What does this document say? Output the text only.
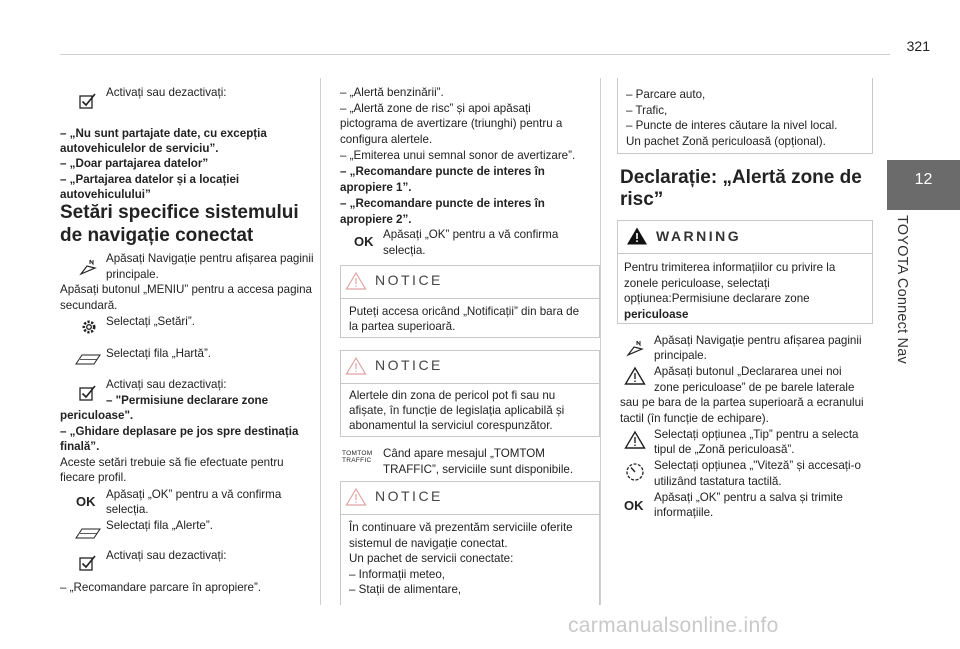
321
12
TOYOTA Connect Nav
Activați sau dezactivați:
– „Nu sunt partajate date, cu excepția
autovehiculelor de serviciu”.
– „Doar partajarea datelor”
– „Partajarea datelor și a locației
autovehiculului”
Setări specifice sistemului
de navigație conectat
Apăsați Navigație pentru afișarea paginii
principale.
Apăsați butonul „MENIU” pentru a accesa pagina
secundară.
Selectați „Setări”.
Selectați fila „Hartă”.
Activați sau dezactivați:
– "Permisiune declarare zone
periculoase".
– „Ghidare deplasare pe jos spre destinația
finală”.
Aceste setări trebuie să fie efectuate pentru
fiecare profil.
OK Apăsați „OK” pentru a vă confirma
selecția.
Selectați fila „Alerte”.
Activați sau dezactivați:
– „Recomandare parcare în apropiere”.
– „Alertă benzinării”.
– „Alertă zone de risc” și apoi apăsați
pictograma de avertizare (triunghi) pentru a
configura alertele.
– „Emiterea unui semnal sonor de avertizare”.
– „Recomandare puncte de interes în
apropiere 1”.
– „Recomandare puncte de interes în
apropiere 2”.
OK Apăsați „OK” pentru a vă confirma
selecția.
NOTICE
Puteți accesa oricând „Notificații” din bara de
la partea superioară.
NOTICE
Alertele din zona de pericol pot fi sau nu
afișate, în funcție de legislația aplicabilă și
abonamentul la serviciul corespunzător.
TOMTOM
TRAFFIC
Când apare mesajul „TOMTOM
TRAFFIC”, serviciile sunt disponibile.
NOTICE
În continuare vă prezentăm serviciile oferite
sistemul de navigație conectat.
Un pachet de servicii conectate:
– Informații meteo,
– Stații de alimentare,
– Parcare auto,
– Trafic,
– Puncte de interes căutare la nivel local.
Un pachet Zonă periculoasă (opțional).
Declarație: „Alertă zone de
risc”
WARNING
Pentru trimiterea informațiilor cu privire la
zonele periculoase, selectați
opțiunea:Permisiune declarare zone
periculoase
Apăsați Navigație pentru afișarea paginii
principale.
Apăsați butonul „Declararea unei noi
zone periculoase” de pe barele laterale
sau pe bara de la partea superioară a ecranului
tactil (în funcție de echipare).
Selectați opțiunea „Tip” pentru a selecta
tipul de „Zonă periculoasă”.
Selectați opțiunea „"Viteză” și accesați-o
utilizând tastatura tactilă.
OK
Apăsați „OK” pentru a salva și trimite
informațiile.
carmanualsonline.info
